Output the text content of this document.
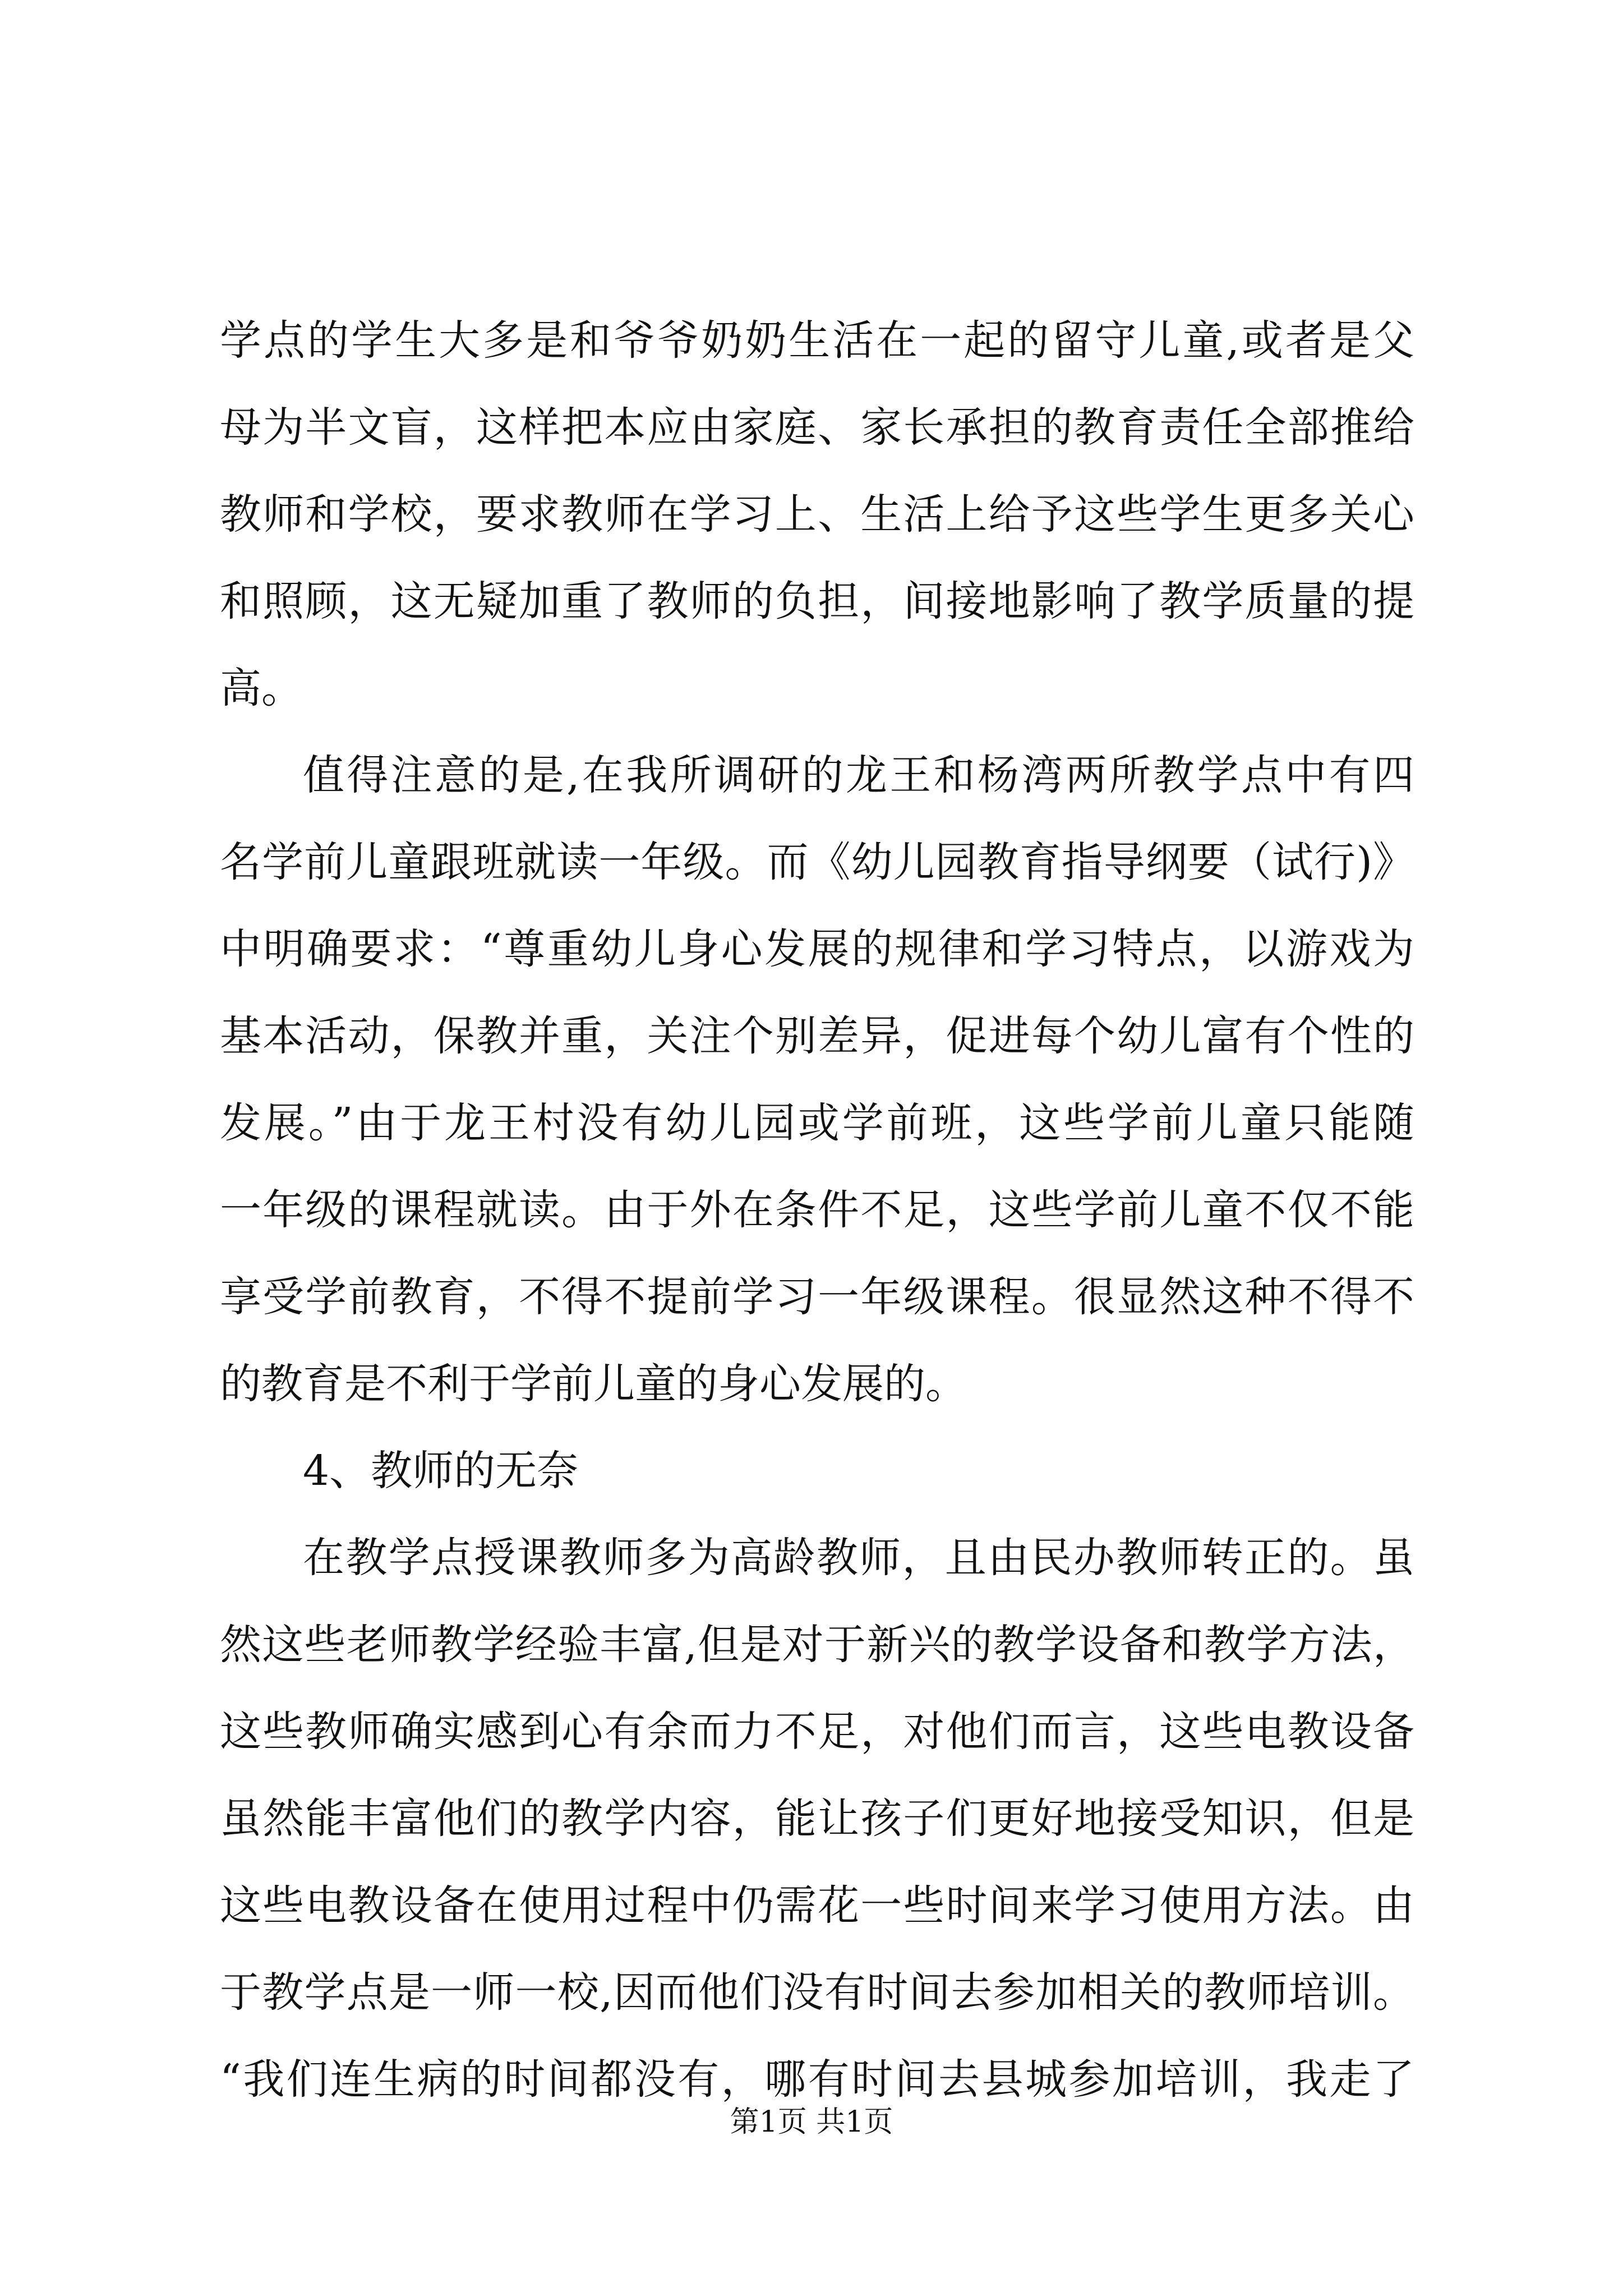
学点的学生大多是和爷爷奶奶生活在一起的留守儿童,或者是父
母为半文盲，这样把本应由家庭、家长承担的教育责任全部推给
教师和学校，要求教师在学习上、生活上给予这些学生更多关心
和照顾，这无疑加重了教师的负担，间接地影响了教学质量的提
高。
值得注意的是,在我所调研的龙王和杨湾两所教学点中有四
名学前儿童跟班就读一年级。而《幼儿园教育指导纲要（试行)》
中明确要求：“尊重幼儿身心发展的规律和学习特点，以游戏为
基本活动，保教并重，关注个别差异，促进每个幼儿富有个性的
发展。”由于龙王村没有幼儿园或学前班，这些学前儿童只能随
一年级的课程就读。由于外在条件不足，这些学前儿童不仅不能
享受学前教育，不得不提前学习一年级课程。很显然这种不得不
的教育是不利于学前儿童的身心发展的。
4、教师的无奈
在教学点授课教师多为高龄教师，且由民办教师转正的。虽
然这些老师教学经验丰富,但是对于新兴的教学设备和教学方法，
这些教师确实感到心有余而力不足，对他们而言，这些电教设备
虽然能丰富他们的教学内容，能让孩子们更好地接受知识，但是
这些电教设备在使用过程中仍需花一些时间来学习使用方法。由
于教学点是一师一校,因而他们没有时间去参加相关的教师培训。
“我们连生病的时间都没有，哪有时间去县城参加培训，我走了
第1页 共1页
